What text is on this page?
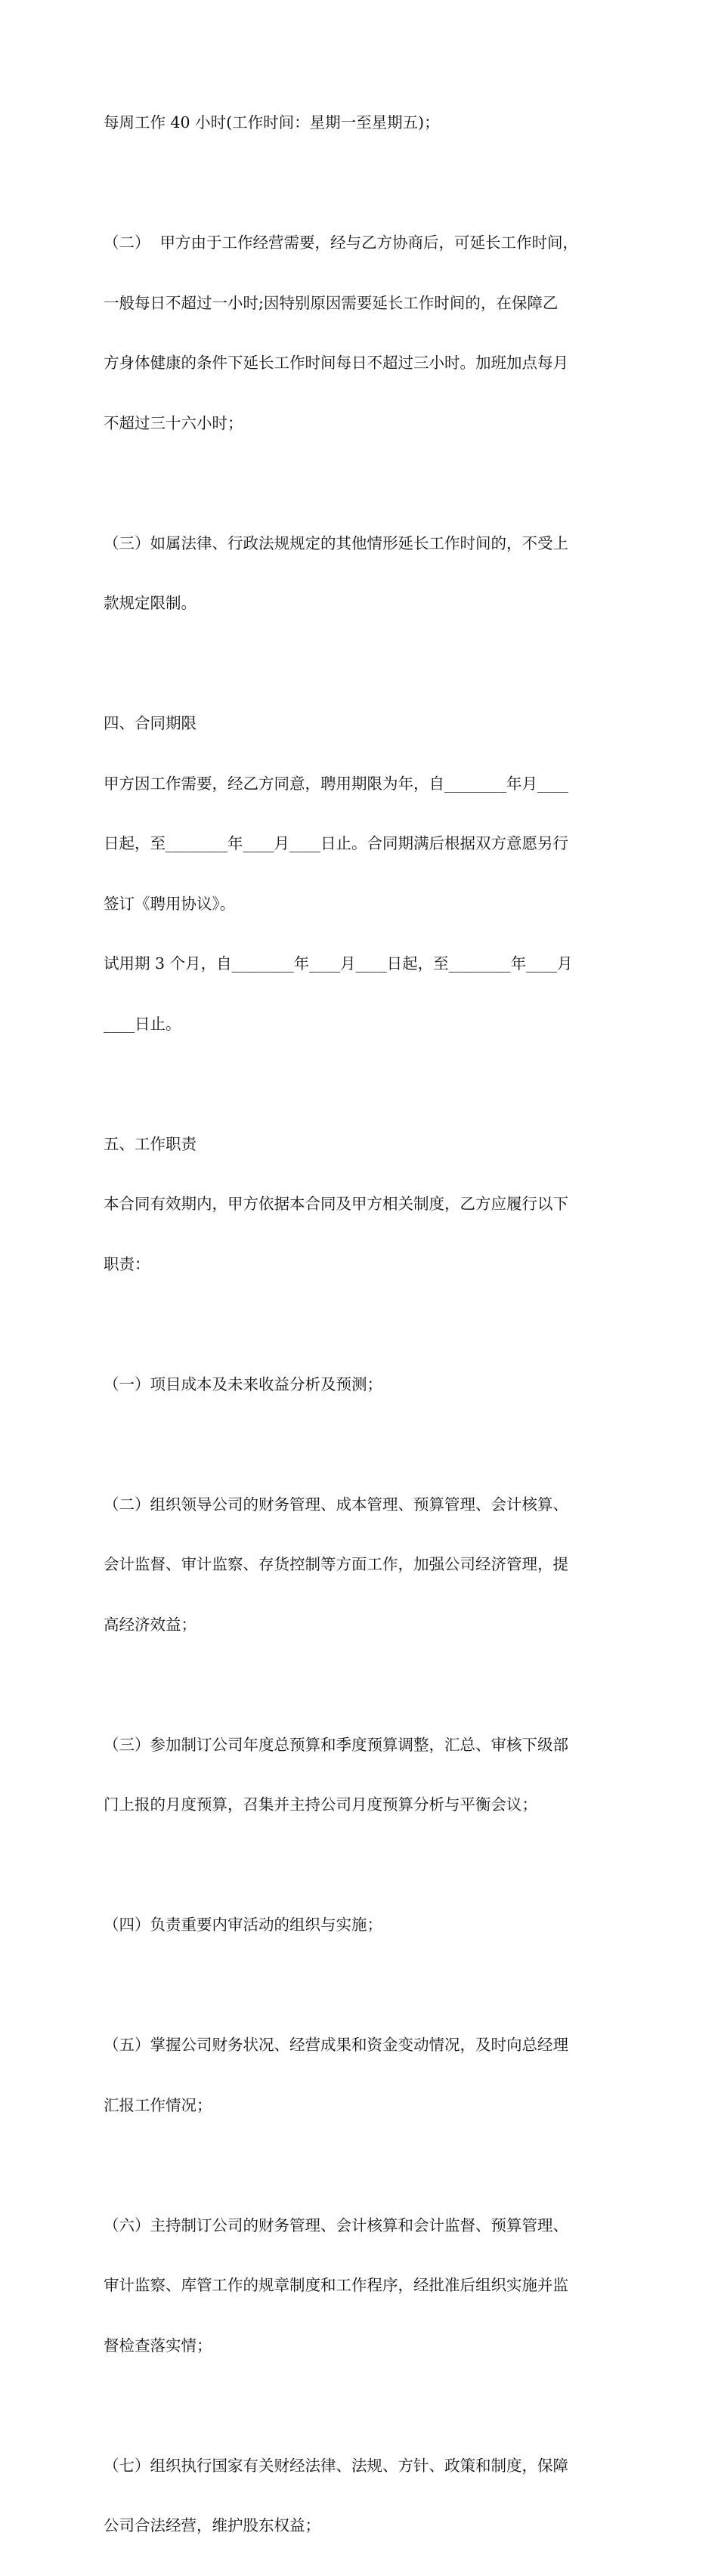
每周工作 40 小时(工作时间：星期一至星期五)；

（二）  甲方由于工作经营需要，经与乙方协商后，可延长工作时间，

一般每日不超过一小时;因特别原因需要延长工作时间的，在保障乙

方身体健康的条件下延长工作时间每日不超过三小时。加班加点每月

不超过三十六小时；

（三）如属法律、行政法规规定的其他情形延长工作时间的，不受上

款规定限制。

四、合同期限

甲方因工作需要，经乙方同意，聘用期限为年，自________年月____

日起，至________年____月____日止。合同期满后根据双方意愿另行

签订《聘用协议》。

试用期 3 个月，自________年____月____日起，至________年____月

____日止。

五、工作职责

本合同有效期内，甲方依据本合同及甲方相关制度，乙方应履行以下

职责：

（一）项目成本及未来收益分析及预测；

（二）组织领导公司的财务管理、成本管理、预算管理、会计核算、

会计监督、审计监察、存货控制等方面工作，加强公司经济管理，提

高经济效益；

（三）参加制订公司年度总预算和季度预算调整，汇总、审核下级部

门上报的月度预算，召集并主持公司月度预算分析与平衡会议；

（四）负责重要内审活动的组织与实施；

（五）掌握公司财务状况、经营成果和资金变动情况，及时向总经理

汇报工作情况；

（六）主持制订公司的财务管理、会计核算和会计监督、预算管理、

审计监察、库管工作的规章制度和工作程序，经批准后组织实施并监

督检查落实情；

（七）组织执行国家有关财经法律、法规、方针、政策和制度，保障

公司合法经营，维护股东权益；
